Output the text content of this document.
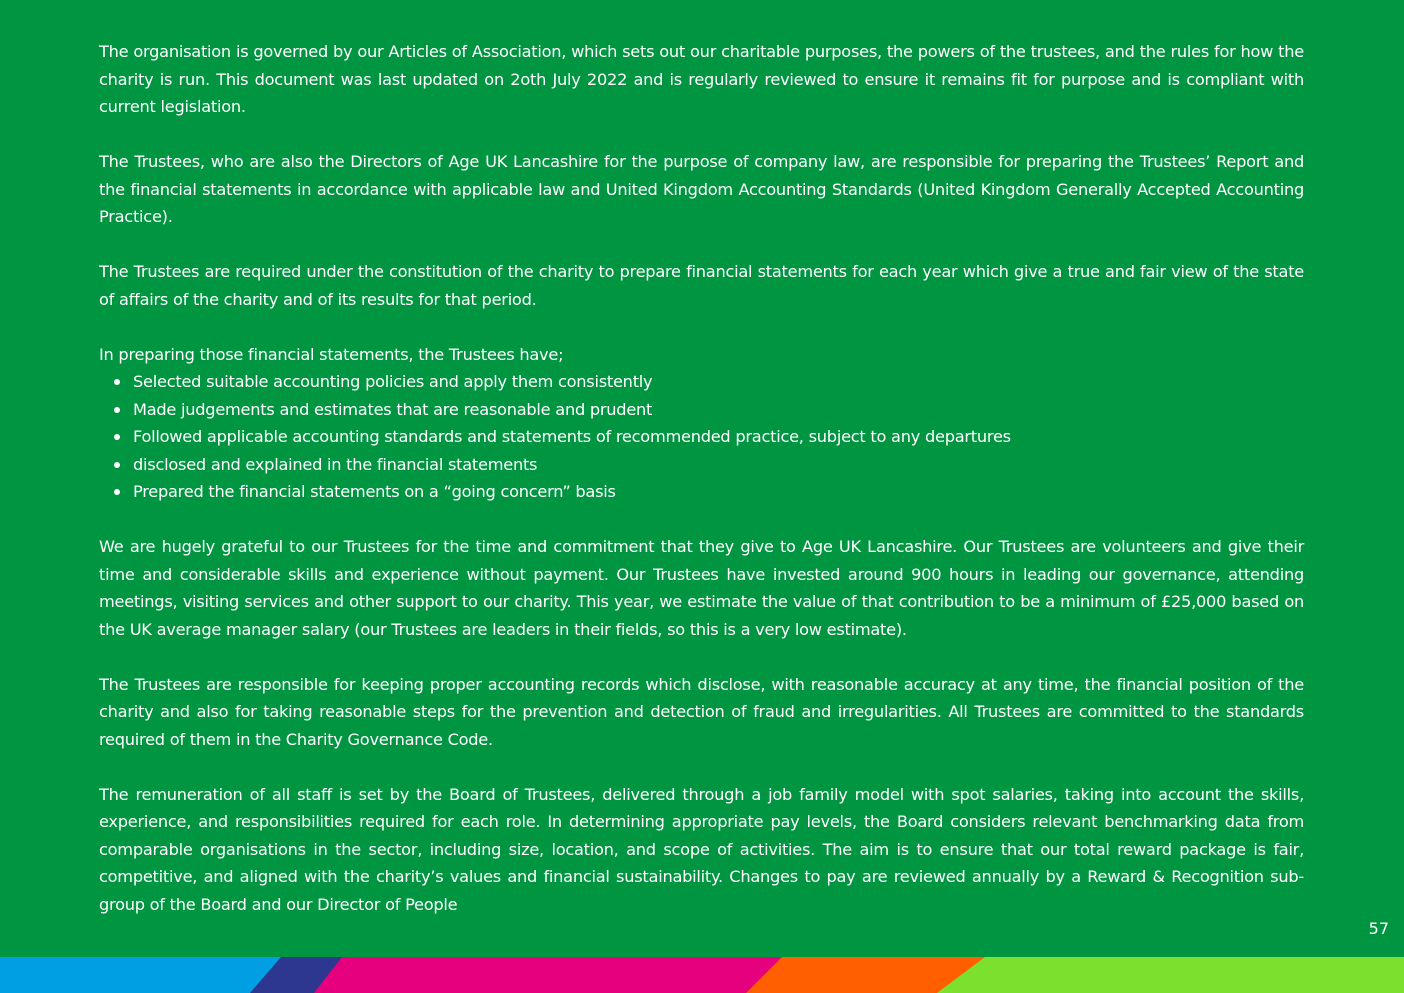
The organisation is governed by our Articles of Association, which sets out our charitable purposes, the powers of the trustees, and the rules for how the charity is run. This document was last updated on 2oth July 2022 and is regularly reviewed to ensure it remains fit for purpose and is compliant with current legislation.

The Trustees, who are also the Directors of Age UK Lancashire for the purpose of company law, are responsible for preparing the Trustees’ Report and the financial statements in accordance with applicable law and United Kingdom Accounting Standards (United Kingdom Generally Accepted Accounting Practice).

The Trustees are required under the constitution of the charity to prepare financial statements for each year which give a true and fair view of the state of affairs of the charity and of its results for that period.

In preparing those financial statements, the Trustees have;

Selected suitable accounting policies and apply them consistently
Made judgements and estimates that are reasonable and prudent
Followed applicable accounting standards and statements of recommended practice, subject to any departures
disclosed and explained in the financial statements
Prepared the financial statements on a “going concern” basis

We are hugely grateful to our Trustees for the time and commitment that they give to Age UK Lancashire. Our Trustees are volunteers and give their time and considerable skills and experience without payment. Our Trustees have invested around 900 hours in leading our governance, attending meetings, visiting services and other support to our charity. This year, we estimate the value of that contribution to be a minimum of £25,000 based on the UK average manager salary (our Trustees are leaders in their fields, so this is a very low estimate).

The Trustees are responsible for keeping proper accounting records which disclose, with reasonable accuracy at any time, the financial position of the charity and also for taking reasonable steps for the prevention and detection of fraud and irregularities. All Trustees are committed to the standards required of them in the Charity Governance Code.

The remuneration of all staff is set by the Board of Trustees, delivered through a job family model with spot salaries, taking into account the skills, experience, and responsibilities required for each role. In determining appropriate pay levels, the Board considers relevant benchmarking data from comparable organisations in the sector, including size, location, and scope of activities. The aim is to ensure that our total reward package is fair, competitive, and aligned with the charity’s values and financial sustainability. Changes to pay are reviewed annually by a Reward & Recognition sub-group of the Board and our Director of People

57
